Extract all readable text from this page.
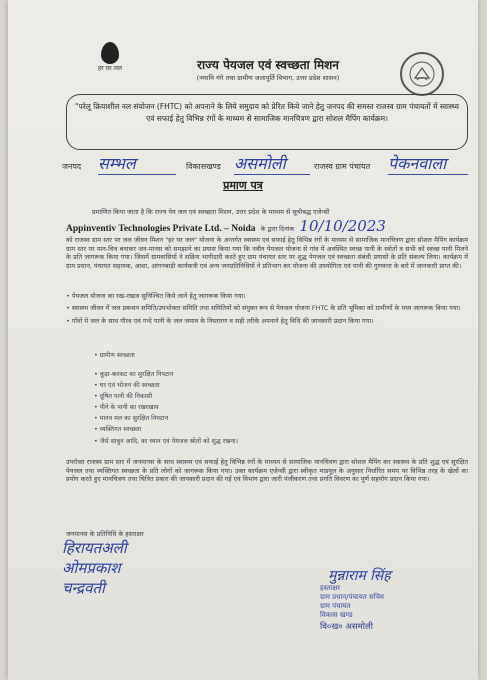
हर घर जल	राज्य पेयजल एवं स्वच्छता मिशन
(नमामि गंगे तथा ग्रामीण जलापूर्ति विभाग, उत्तर प्रदेश शासन)
"परेलू क्रियाशील नल संयोजन (FHTC) को अपनाने के लिये समुदाय को प्रेरित किये जाने हेतु जनपद की समस्त राजस्व ग्राम पंचायतों में स्वास्थ्य एवं सफाई हेतु विभिन्न रंगों के माध्यम से सामाजिक मानचित्रण द्वारा सोशल मैपिंग कार्यक्रम।
जनपद सम्भल	विकासखण्ड असमोली	राजस्व ग्राम पंचायत पेकनवाला
प्रमाण पत्र
प्रमाणित किया जाता है कि राज्य पेय जल एवं स्वच्छता मिशन, उत्तर प्रदेश के माध्यम से सूचीबद्ध एजेन्सी
Appinventiv Technologies Private Ltd. – Noida के द्वारा दिनांक 10/10/2023
को राजस्व ग्राम स्तर पर जल जीवन मिशन "हर घर जल" योजना के अन्तर्गत स्वास्थ्य एवं सफाई हेतु विभिन्न रंगों के माध्यम से सामाजिक मानचित्रण द्वारा सोशल मैपिंग कार्यक्रम ग्राम स्तर पर मान-चित्र बनाकर जन-मानस को समझाने का प्रयास किया गया कि नवीन पेयजल योजना से गांव में अवस्थित स्वच्छ पानी के स्त्रोतों व सभी को स्वच्छ पानी मिलने के प्रति जागरूक किया गया। जिसमें ग्रामवासियों ने सक्रिय भागीदारी करते हुए ग्राम पंचायत स्तर पर शुद्ध पेयजल एवं स्वच्छता संबंधी प्रयासों के प्रति संकल्प लिया। कार्यक्रम में ग्राम प्रधान, पंचायत सहायक, आशा, आंगनबाड़ी कार्यकत्री एवं अन्य जनप्रतिनिधियों ने प्रतिभाग कर योजना की उपयोगिता एवं पानी की गुणवत्ता के बारे में जानकारी प्राप्त की।
• पेयजल योजना का रख-रखाव सुनिश्चित किये जाने हेतु जागरूक किया गया।
• स्वास्थ्य जीवन में जल प्रबन्धन समिति/उपभोक्ता समिति तथा समितियों को संयुक्त रूप से पेयजल योजना FHTC के प्रति भूमिका को ग्रामीणों के मध्य जागरूक किया गया।
• गाँवों में जल के साथ गौरव एवं गन्दे पानी के जल जमाव के निस्तारण व सही तरीके अपनाने हेतु विधि की जानकारी प्रदान किया गया।
• ग्रामीण स्वच्छता
• कूड़ा-करकट का सुरक्षित निपटान
• घर एवं भोजन की स्वच्छता
• दूषित पानी की निकासी
• पीने के पानी का रखरखाव
• मानव मल का सुरक्षित निपटान
• व्यक्तिगत स्वच्छता
• जैसे साबुन आदि, का ध्यान एवं पेयजल स्रोतों को शुद्ध रखना।
उपरोक्त राजस्व ग्राम स्तर में जनमानस के साथ स्वास्थ्य एवं सफाई हेतु विभिन्न रंगों के माध्यम से सामाजिक मानचित्रण द्वारा सोशल मैपिंग कर स्वास्थ्य के प्रति शुद्ध एवं सुरक्षित पेयजल तथा व्यक्तिगत स्वच्छता के प्रति लोगों को जागरूक किया गया। उक्त कार्यक्रम एजेन्सी द्वारा स्वीकृत माडयूल के अनुसार निर्धारित समय पर विभिन्न तरह के खेलों का प्रयोग करते हुए मानचित्रण तथा चित्रित प्रकार की जानकारी प्रदान की गई एवं विभाग द्वारा जारी पंजीकरण तथा प्रगति विवरण का पूर्ण सहयोग प्रदान किया गया।
जनमानस के प्रतिनिधि के हस्ताक्षर
हिरायतअली
ओमप्रकाश
चन्द्रवती
मुन्नाराम सिंह
हस्ताक्षर
ग्राम प्रधान/पंचायत सचिव
ग्राम पंचायत
विकास खण्ड
वि०ख० असमोली
